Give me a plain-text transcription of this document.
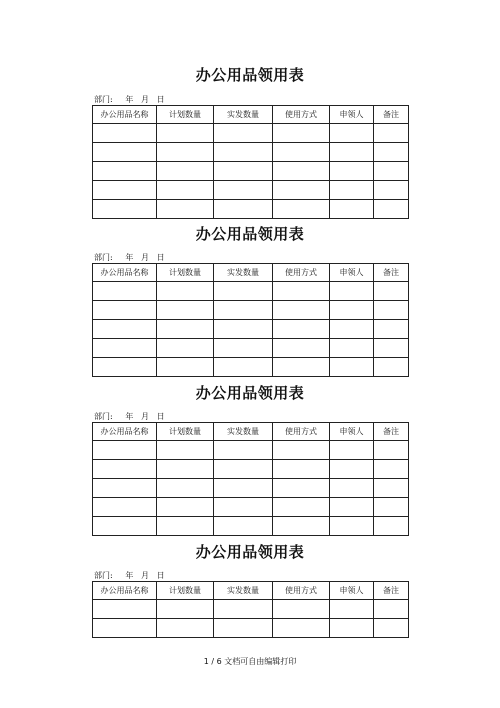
办公用品领用表
部门:     年   月   日
办公用品名称	计划数量	实发数量	使用方式	申领人	备注

办公用品领用表
部门:     年   月   日
办公用品名称	计划数量	实发数量	使用方式	申领人	备注

办公用品领用表
部门:     年   月   日
办公用品名称	计划数量	实发数量	使用方式	申领人	备注

办公用品领用表
部门:     年   月   日
办公用品名称	计划数量	实发数量	使用方式	申领人	备注

1 / 6 文档可自由编辑打印
